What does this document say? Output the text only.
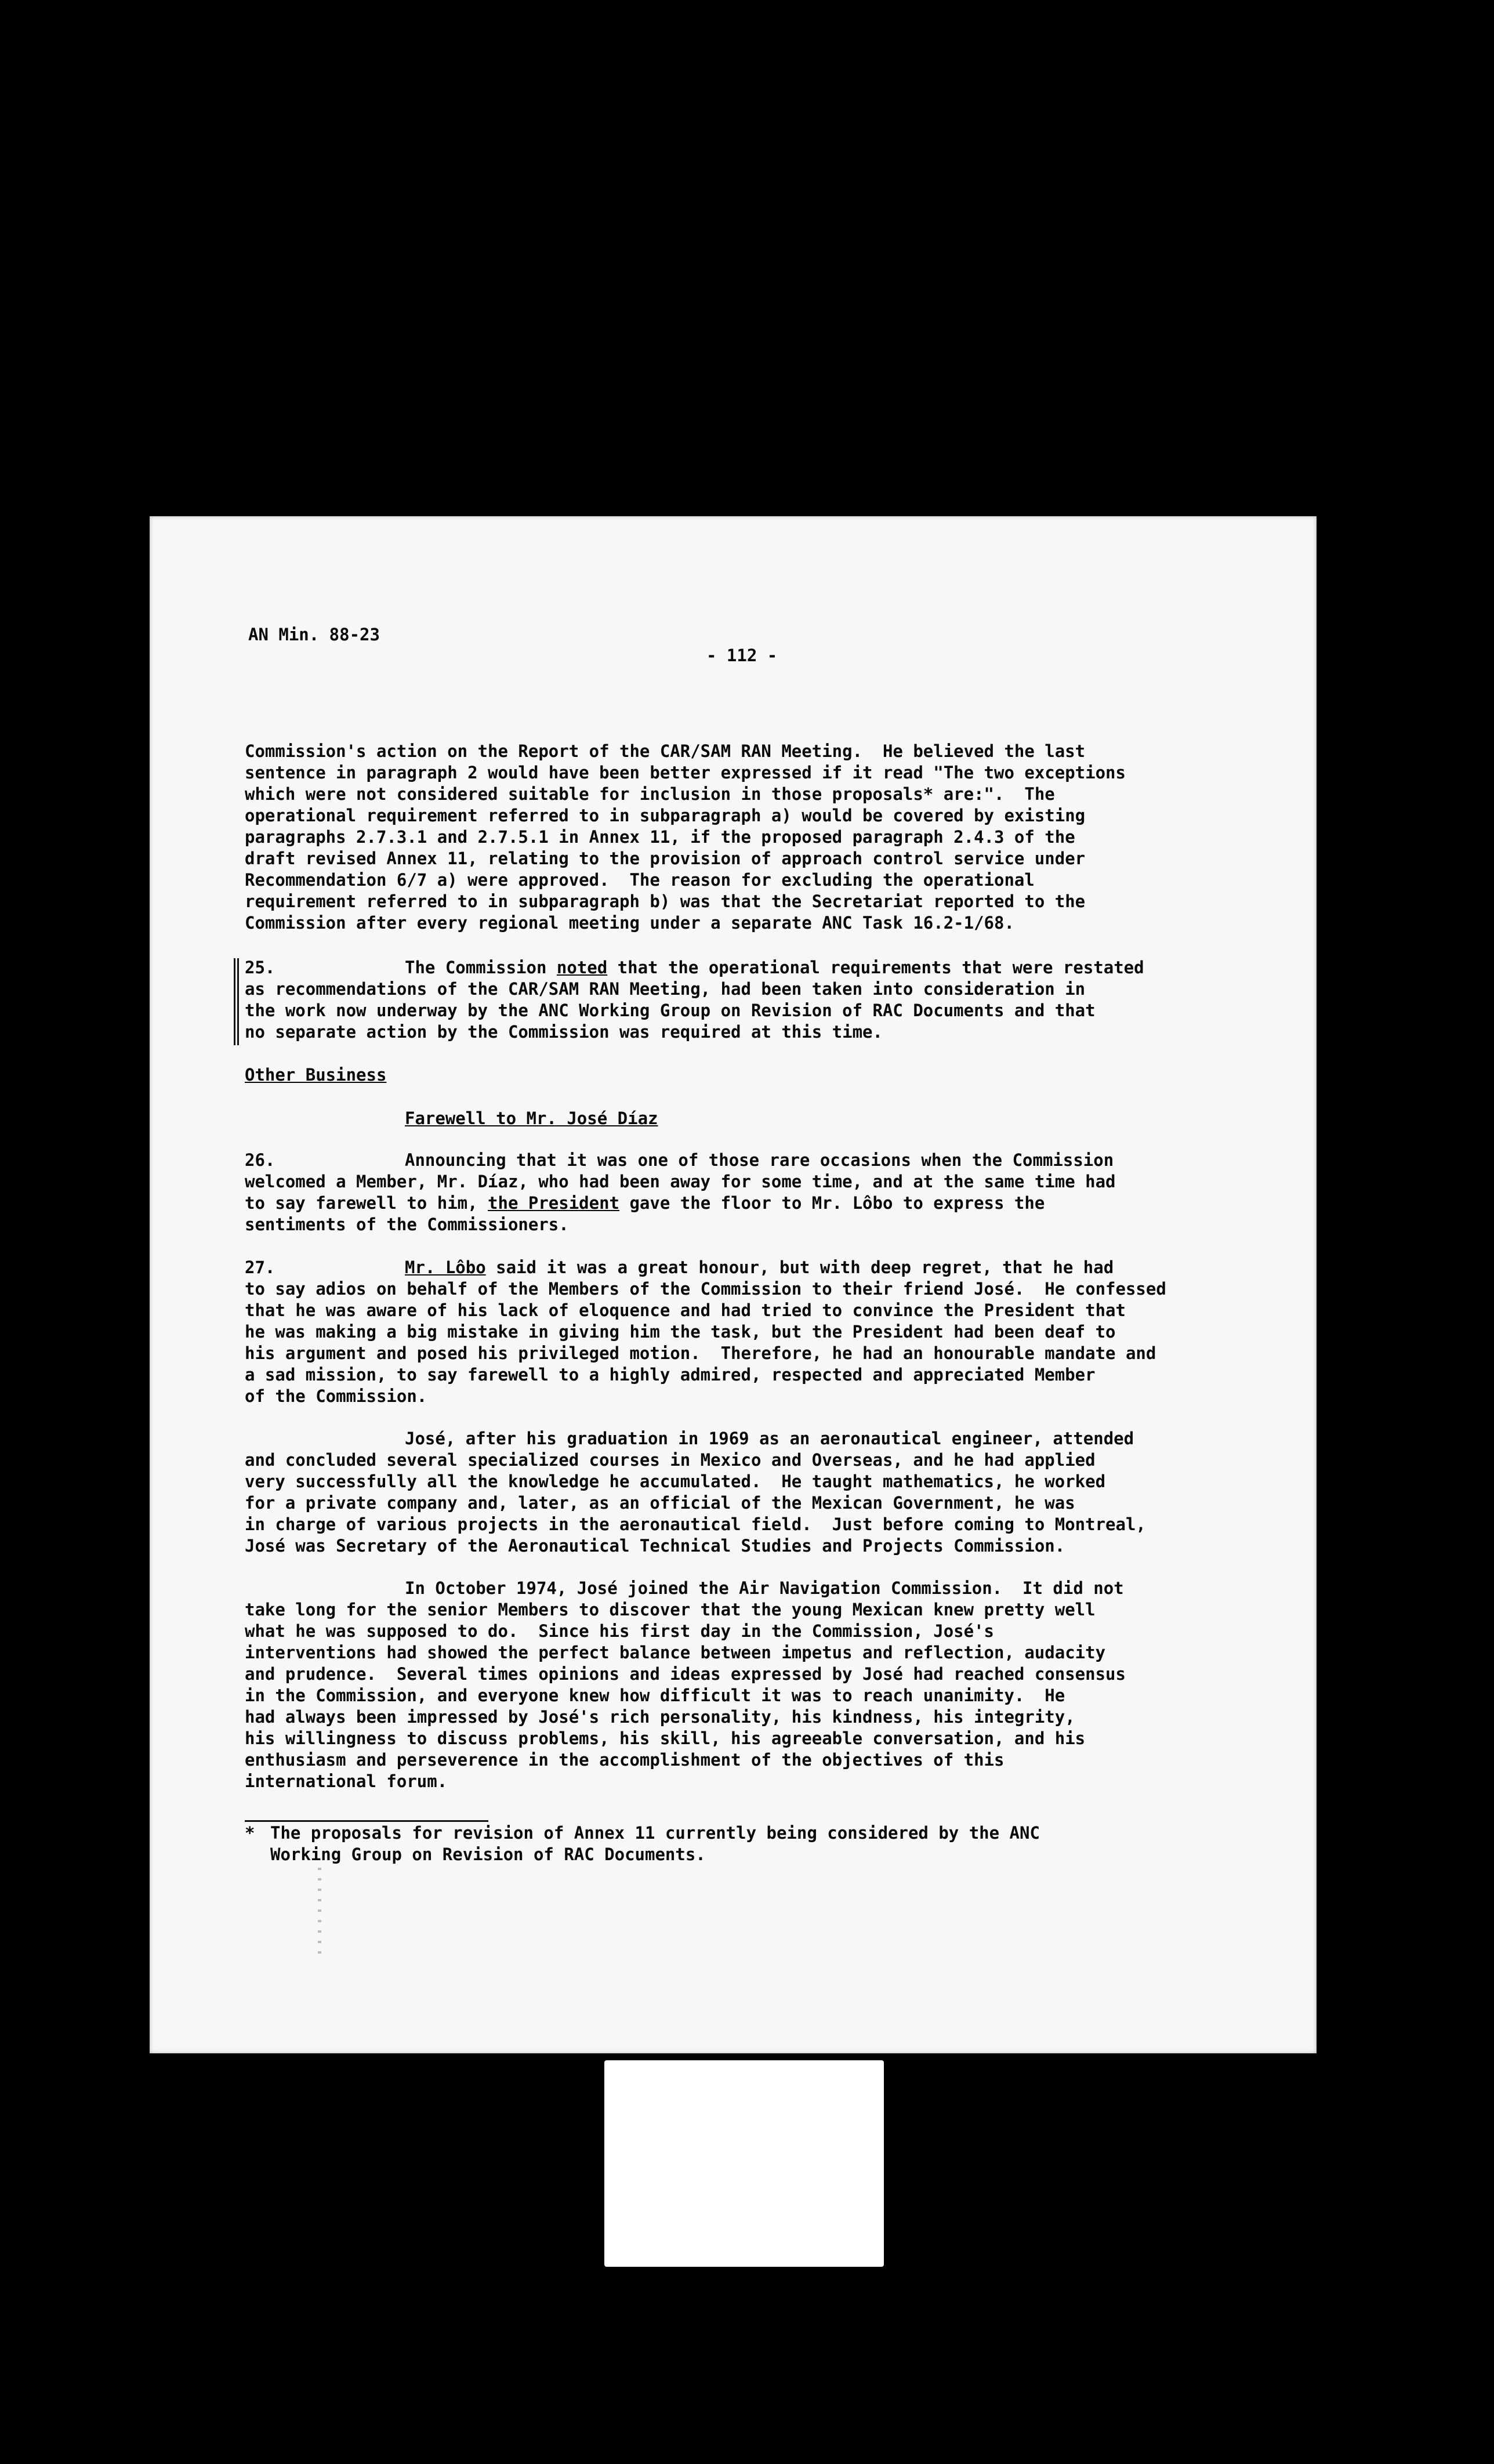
AN Min. 88-23
- 112 -
Commission's action on the Report of the CAR/SAM RAN Meeting.  He believed the last
sentence in paragraph 2 would have been better expressed if it read "The two exceptions
which were not considered suitable for inclusion in those proposals* are:".  The
operational requirement referred to in subparagraph a) would be covered by existing
paragraphs 2.7.3.1 and 2.7.5.1 in Annex 11, if the proposed paragraph 2.4.3 of the
draft revised Annex 11, relating to the provision of approach control service under
Recommendation 6/7 a) were approved.  The reason for excluding the operational
requirement referred to in subparagraph b) was that the Secretariat reported to the
Commission after every regional meeting under a separate ANC Task 16.2-1/68.
25.	The Commission noted that the operational requirements that were restated
as recommendations of the CAR/SAM RAN Meeting, had been taken into consideration in
the work now underway by the ANC Working Group on Revision of RAC Documents and that
no separate action by the Commission was required at this time.
Other Business
Farewell to Mr. José Díaz
26.	Announcing that it was one of those rare occasions when the Commission
welcomed a Member, Mr. Díaz, who had been away for some time, and at the same time had
to say farewell to him, the President gave the floor to Mr. Lôbo to express the
sentiments of the Commissioners.
27.	Mr. Lôbo said it was a great honour, but with deep regret, that he had
to say adios on behalf of the Members of the Commission to their friend José.  He confessed
that he was aware of his lack of eloquence and had tried to convince the President that
he was making a big mistake in giving him the task, but the President had been deaf to
his argument and posed his privileged motion.  Therefore, he had an honourable mandate and
a sad mission, to say farewell to a highly admired, respected and appreciated Member
of the Commission.
José, after his graduation in 1969 as an aeronautical engineer, attended
and concluded several specialized courses in Mexico and Overseas, and he had applied
very successfully all the knowledge he accumulated.  He taught mathematics, he worked
for a private company and, later, as an official of the Mexican Government, he was
in charge of various projects in the aeronautical field.  Just before coming to Montreal,
José was Secretary of the Aeronautical Technical Studies and Projects Commission.
In October 1974, José joined the Air Navigation Commission.  It did not
take long for the senior Members to discover that the young Mexican knew pretty well
what he was supposed to do.  Since his first day in the Commission, José's
interventions had showed the perfect balance between impetus and reflection, audacity
and prudence.  Several times opinions and ideas expressed by José had reached consensus
in the Commission, and everyone knew how difficult it was to reach unanimity.  He
had always been impressed by José's rich personality, his kindness, his integrity,
his willingness to discuss problems, his skill, his agreeable conversation, and his
enthusiasm and perseverence in the accomplishment of the objectives of this
international forum.
* The proposals for revision of Annex 11 currently being considered by the ANC
Working Group on Revision of RAC Documents.
